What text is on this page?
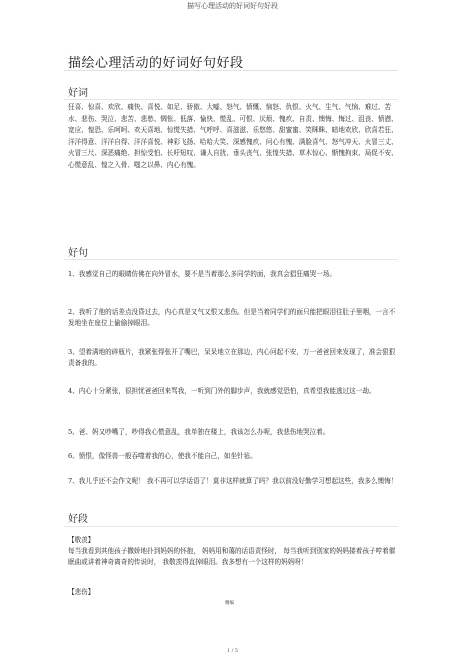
描写心理活动的好词好句好段
描绘心理活动的好词好句好段
好词
狂喜、惊喜、欢欣、痛快、喜悦、如足、骄傲、大嘘、怒气、愤慨、恼怒、仇恨、火气、生气、气恼、难过、苦水、悲伤、哭泣、悲苦、悲愁、惆怅、低落、愉快、慌乱、可恨、厌烦、愧疚、自责、懊悔、悔过、沮丧、愤懑、宽应、惶恐、乐呵呵、欢天喜地、惊慌失措、气呼呼、喜滋滋、乐悠悠、甜蜜蜜、笑眯眯、暗地欢欣、欣喜若狂、洋洋得意、洋洋自得、洋洋喜悦、神彩飞扬、哈哈大笑、深感愧疚、问心有愧、满脸喜气、怒气冲天、火冒三丈、火冒三尺、深恶痛绝、担惊受怕、长吁短叹、谦人自扰、垂头丧气、张惶失措、草木惊心、惭愧拘束、局促不安、心慌意乱、惶之入骨、嗤之以鼻、内心有愧。
好句
1、我感觉自己的眼睛仿佛在向外冒水，要不是当着那么多同学的面，我真会猖狂痛哭一场。
2、我听了他的话差点没昏过去，内心真是又气又恨又悲伤。但是当着同学们的面只能把眼泪往肚子里咽，一言不发地坐在座位上偷偷掉眼泪。
3、望着满地的碎瓶片，我紧张得张开了嘴巴，呆呆地立在那边，内心问起不安，万一爸爸回来发现了，准会狠狠责备我的。
4、内心十分紧张，很担忧爸爸回来骂我，一听到门外的脚步声，我就感觉恐怕，真希望我能逃过这一劫。
5、爸、妈又吵嘴了，吵得我心慌意乱，我单独在楼上，我该怎么办呢，我悲伤地哭泣着。
6、愤恨，像怪兽一般吞噬着我的心，使我不能自己，如坐针毡。
7、我儿乎还不会作文呢！ 我不再可以学话语了！莫非这样就算了吗？我以前没好勤学习想起这些，我多么懊悔！
好段
【敬羡】
每当我看到其他孩子撒娇地扑到妈妈的怀抱， 妈妈用和蔼的话语责怪时， 每当我听到别家的妈妈搂着孩子哼着催眠曲或讲着神奇离奇的传说时， 我敬羡得直掉眼泪。我多想有一个这样的妈妈呀！
【悲伤】
精编
1 / 5
